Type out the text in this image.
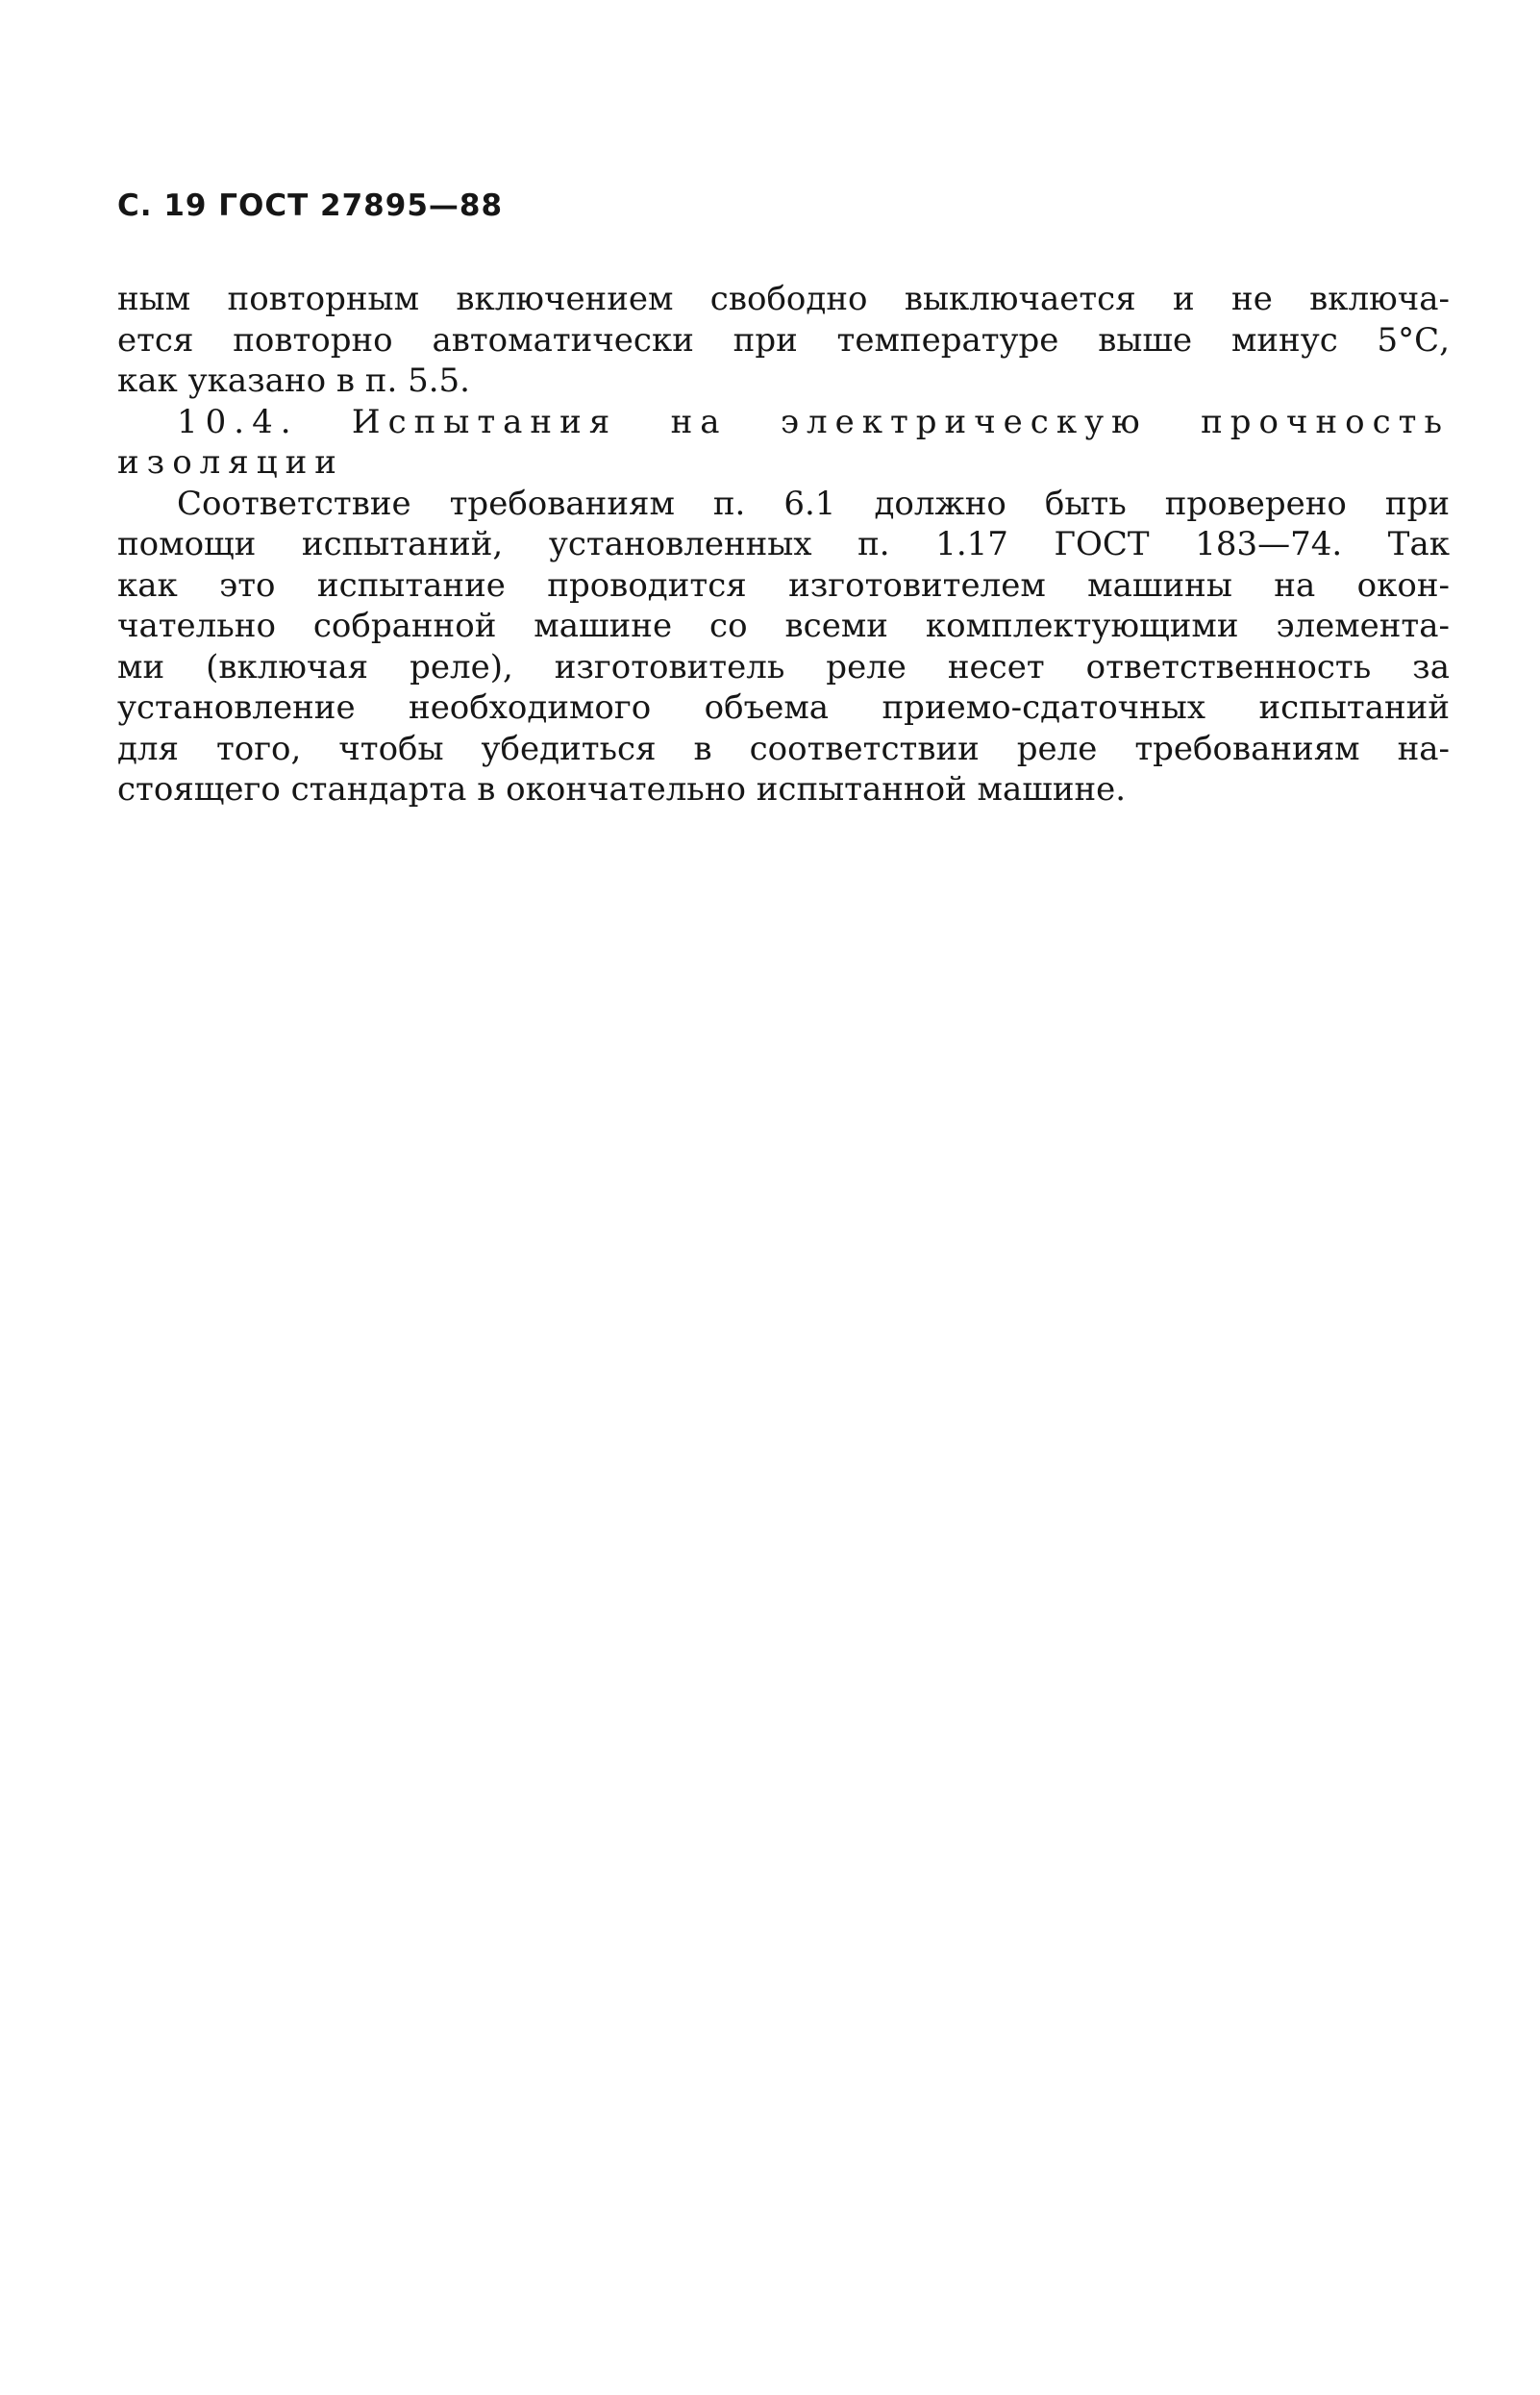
С. 19 ГОСТ 27895—88
ным повторным включением свободно выключается и не включа-
ется повторно автоматически при температуре выше минус 5°С,
как указано в п. 5.5.
10.4. Испытания на электрическую прочность
изоляции
Соответствие требованиям п. 6.1 должно быть проверено при
помощи испытаний, установленных п. 1.17 ГОСТ 183—74. Так
как это испытание проводится изготовителем машины на окон-
чательно собранной машине со всеми комплектующими элемента-
ми (включая реле), изготовитель реле несет ответственность за
установление необходимого объема приемо-сдаточных испытаний
для того, чтобы убедиться в соответствии реле требованиям на-
стоящего стандарта в окончательно испытанной машине.
